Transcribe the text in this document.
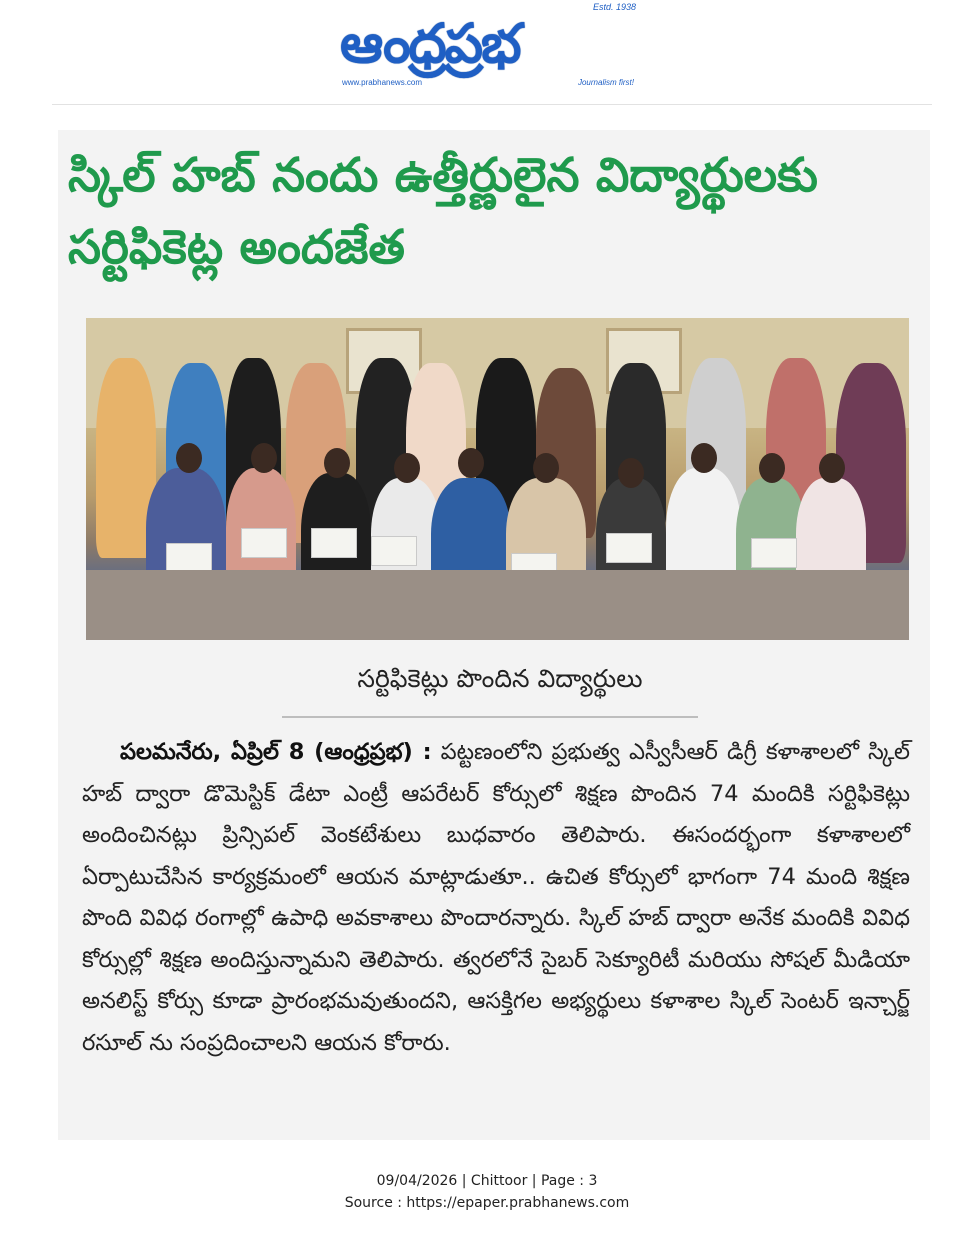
ఆంధ్రప్రభ
Estd. 1938
www.prabhanews.com	Journalism first!
స్కిల్ హబ్ నందు ఉత్తీర్ణులైన విద్యార్థులకు సర్టిఫికెట్ల అందజేత

సర్టిఫికెట్లు పొందిన విద్యార్థులు

పలమనేరు, ఏప్రిల్ 8 (ఆంధ్రప్రభ) : పట్టణంలోని ప్రభుత్వ ఎస్వీసీఆర్ డిగ్రీ కళాశాలలో స్కిల్ హబ్ ద్వారా డొమెస్టిక్ డేటా ఎంట్రీ ఆపరేటర్ కోర్సులో శిక్షణ పొందిన 74 మందికి సర్టిఫికెట్లు అందించినట్లు ప్రిన్సిపల్ వెంకటేశులు బుధవారం తెలిపారు. ఈసందర్భంగా కళాశాలలో ఏర్పాటుచేసిన కార్యక్రమంలో ఆయన మాట్లాడుతూ.. ఉచిత కోర్సులో భాగంగా 74 మంది శిక్షణ పొంది వివిధ రంగాల్లో ఉపాధి అవకాశాలు పొందారన్నారు. స్కిల్ హబ్ ద్వారా అనేక మందికి వివిధ కోర్సుల్లో శిక్షణ అందిస్తున్నామని తెలిపారు. త్వరలోనే సైబర్ సెక్యూరిటీ మరియు సోషల్ మీడియా అనలిస్ట్ కోర్సు కూడా ప్రారంభమవుతుందని, ఆసక్తిగల అభ్యర్థులు కళాశాల స్కిల్ సెంటర్ ఇన్చార్జ్ రసూల్ ను సంప్రదించాలని ఆయన కోరారు.

09/04/2026 | Chittoor | Page : 3
Source : https://epaper.prabhanews.com
